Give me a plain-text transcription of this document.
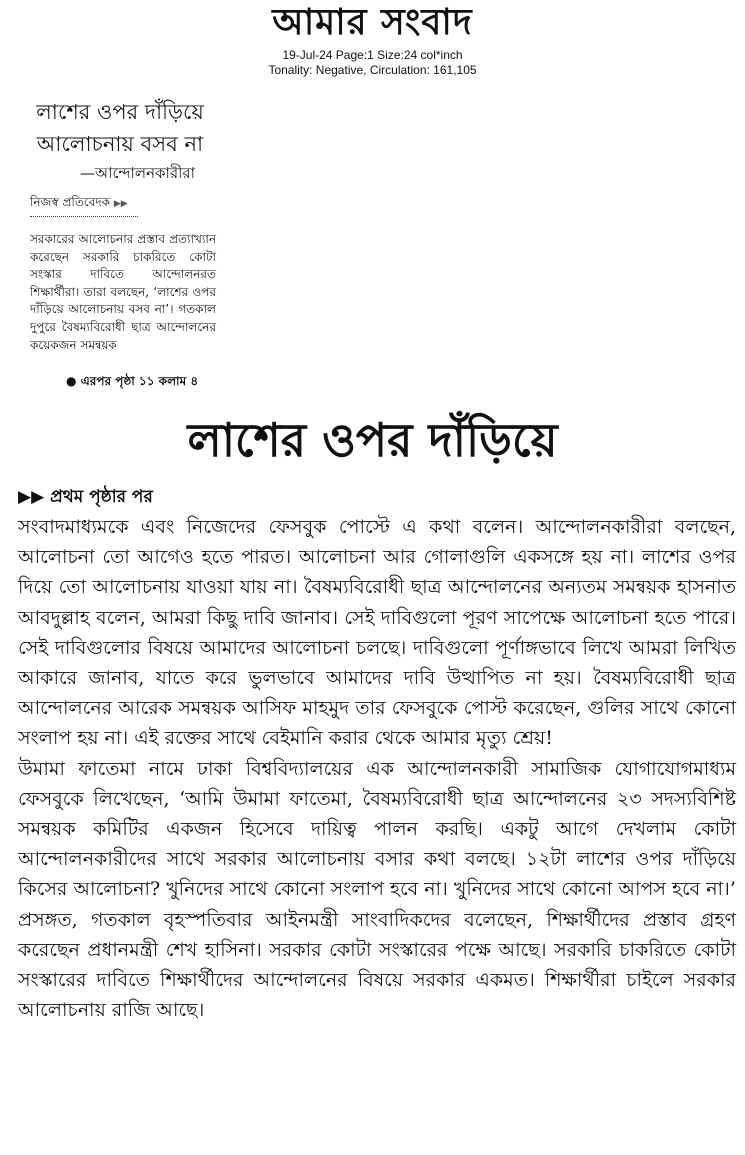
আমার সংবাদ
19-Jul-24 Page:1 Size:24 col*inch
Tonality: Negative, Circulation: 161,105
লাশের ওপর দাঁড়িয়ে
আলোচনায় বসব না
—আন্দোলনকারীরা
নিজস্ব প্রতিবেদক ▶▶

সরকারের আলোচনার প্রস্তাব প্রত্যাখ্যান করেছেন সরকারি চাকরিতে কোটা সংস্কার দাবিতে আন্দোলনরত শিক্ষার্থীরা। তারা বলছেন, ‘লাশের ওপর দাঁড়িয়ে আলোচনায় বসব না’। গতকাল দুপুরে বৈষম্যবিরোধী ছাত্র আন্দোলনের কয়েকজন সমন্বয়ক

● এরপর পৃষ্ঠা ১১ কলাম ৪
লাশের ওপর দাঁড়িয়ে
▶▶ প্রথম পৃষ্ঠার পর

সংবাদমাধ্যমকে এবং নিজেদের ফেসবুক পোস্টে এ কথা বলেন। আন্দোলনকারীরা বলছেন, আলোচনা তো আগেও হতে পারত। আলোচনা আর গোলাগুলি একসঙ্গে হয় না। লাশের ওপর দিয়ে তো আলোচনায় যাওয়া যায় না। বৈষম্যবিরোধী ছাত্র আন্দোলনের অন্যতম সমন্বয়ক হাসনাত আবদুল্লাহ বলেন, আমরা কিছু দাবি জানাব। সেই দাবিগুলো পূরণ সাপেক্ষে আলোচনা হতে পারে। সেই দাবিগুলোর বিষয়ে আমাদের আলোচনা চলছে। দাবিগুলো পূর্ণাঙ্গভাবে লিখে আমরা লিখিত আকারে জানাব, যাতে করে ভুলভাবে আমাদের দাবি উত্থাপিত না হয়। বৈষম্যবিরোধী ছাত্র আন্দোলনের আরেক সমন্বয়ক আসিফ মাহমুদ তার ফেসবুকে পোস্ট করেছেন, গুলির সাথে কোনো সংলাপ হয় না। এই রক্তের সাথে বেইমানি করার থেকে আমার মৃত্যু শ্রেয়!

উমামা ফাতেমা নামে ঢাকা বিশ্ববিদ্যালয়ের এক আন্দোলনকারী সামাজিক যোগাযোগমাধ্যম ফেসবুকে লিখেছেন, ‘আমি উমামা ফাতেমা, বৈষম্যবিরোধী ছাত্র আন্দোলনের ২৩ সদস্যবিশিষ্ট সমন্বয়ক কমিটির একজন হিসেবে দায়িত্ব পালন করছি। একটু আগে দেখলাম কোটা আন্দোলনকারীদের সাথে সরকার আলোচনায় বসার কথা বলছে। ১২টা লাশের ওপর দাঁড়িয়ে কিসের আলোচনা? খুনিদের সাথে কোনো সংলাপ হবে না। খুনিদের সাথে কোনো আপস হবে না।’

প্রসঙ্গত, গতকাল বৃহস্পতিবার আইনমন্ত্রী সাংবাদিকদের বলেছেন, শিক্ষার্থীদের প্রস্তাব গ্রহণ করেছেন প্রধানমন্ত্রী শেখ হাসিনা। সরকার কোটা সংস্কারের পক্ষে আছে। সরকারি চাকরিতে কোটা সংস্কারের দাবিতে শিক্ষার্থীদের আন্দোলনের বিষয়ে সরকার একমত। শিক্ষার্থীরা চাইলে সরকার আলোচনায় রাজি আছে।
